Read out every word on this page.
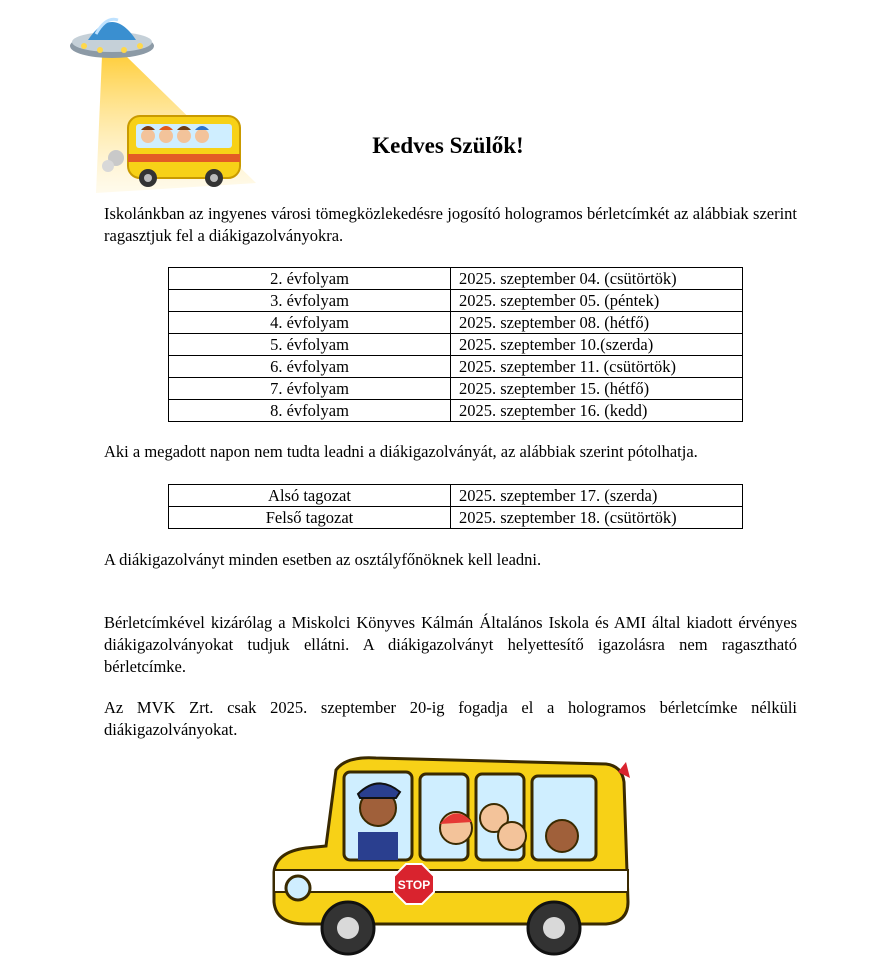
Kedves Szülők!
Iskolánkban az ingyenes városi tömegközlekedésre jogosító hologramos bérletcímkét az alábbiak szerint ragasztjuk fel a diákigazolványokra.
2. évfolyam	2025. szeptember 04. (csütörtök)
3. évfolyam	2025. szeptember 05. (péntek)
4. évfolyam	2025. szeptember 08. (hétfő)
5. évfolyam	2025. szeptember 10.(szerda)
6. évfolyam	2025. szeptember 11. (csütörtök)
7. évfolyam	2025. szeptember 15. (hétfő)
8. évfolyam	2025. szeptember 16. (kedd)
Aki a megadott napon nem tudta leadni a diákigazolványát, az alábbiak szerint pótolhatja.
Alsó tagozat	2025. szeptember 17. (szerda)
Felső tagozat	2025. szeptember 18. (csütörtök)
A diákigazolványt minden esetben az osztályfőnöknek kell leadni.
Bérletcímkével kizárólag a Miskolci Könyves Kálmán Általános Iskola és AMI által kiadott érvényes diákigazolványokat tudjuk ellátni. A diákigazolványt helyettesítő igazolásra nem ragasztható bérletcímke.
Az MVK Zrt. csak 2025. szeptember 20-ig fogadja el a hologramos bérletcímke nélküli diákigazolványokat.
STOP
